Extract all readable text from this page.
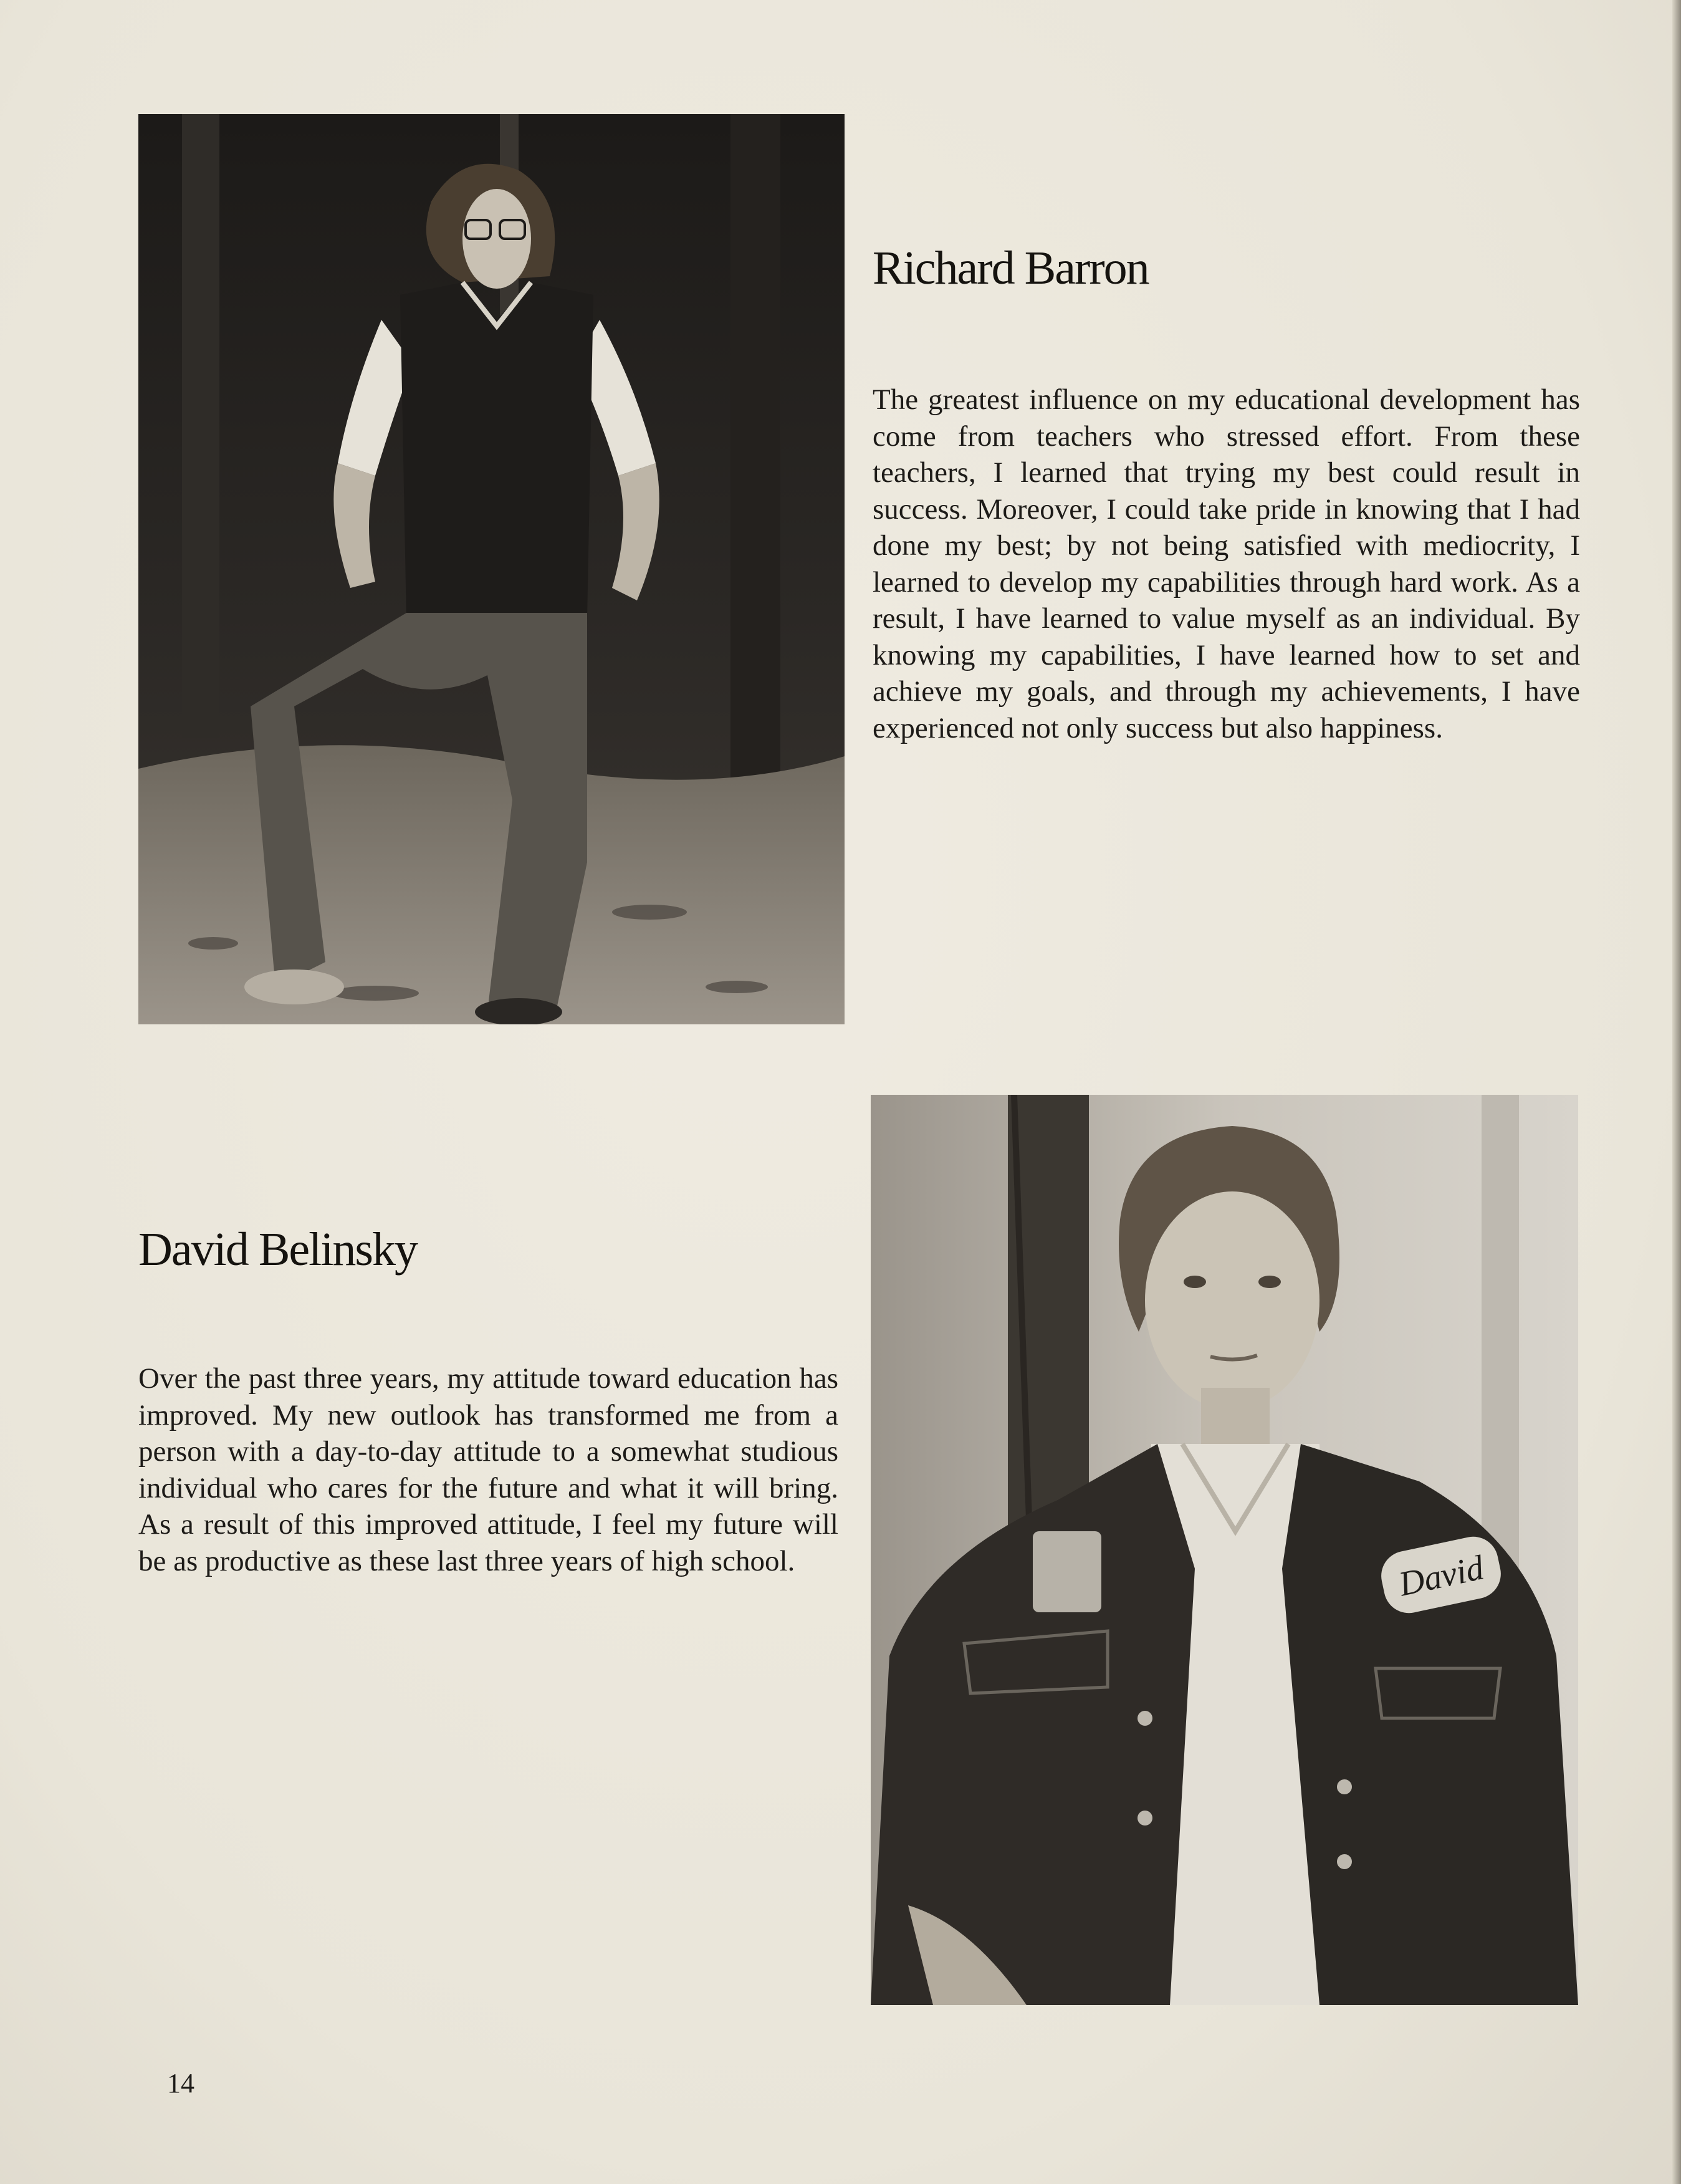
Richard Barron

The greatest influence on my educational development has come from teachers who stressed effort. From these teachers, I learned that trying my best could result in success. Moreover, I could take pride in knowing that I had done my best; by not being satisfied with mediocrity, I learned to develop my capabilities through hard work. As a result, I have learned to value myself as an individual. By knowing my capabilities, I have learned how to set and achieve my goals, and through my achievements, I have experienced not only success but also happiness.

David Belinsky

Over the past three years, my attitude toward education has improved. My new outlook has transformed me from a person with a day-to-day attitude to a somewhat studious individual who cares for the future and what it will bring. As a result of this improved attitude, I feel my future will be as productive as these last three years of high school.	David
14
